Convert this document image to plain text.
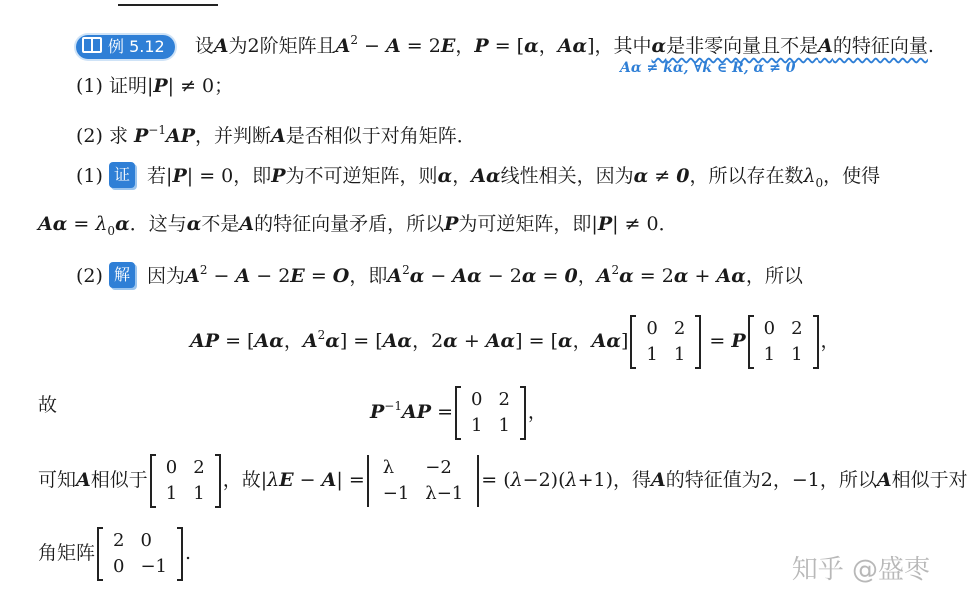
例 5.12 设A为2阶矩阵且$A^2 - A = 2E$，P = [α，Aα]，其中α是非零向量且不是A的特征向量.
Aα ≠ kα, ∀k ∈ R, α ≠ 0
(1) 证明|P| ≠ 0；
(2) 求 $P^{-1}AP$，并判断A是否相似于对角矩阵．
(1) 证  若|P| = 0，即P为不可逆矩阵，则α，Aα线性相关，因为α ≠ 0，所以存在数$\lambda_0$，使得
$A\alpha = \lambda_0\alpha$．这与α不是A的特征向量矛盾，所以P为可逆矩阵，即|P| ≠ 0．
(2) 解  因为$A^2 - A - 2E = O$，即$A^2\alpha - A\alpha - 2\alpha = 0$，$A^2\alpha = 2\alpha + A\alpha$，所以
AP = [Aα，$A^2\alpha] = [A\alpha$，2α + Aα] = [α，Aα]
0	2
1	1
= P
0	2
1	1
，
故	$P^{-1}AP$ =
0	2
1	1
，
可知A相似于
0	2
1	1
，故|λE − A| =
λ	−2
−1	λ−1
= (λ−2)(λ+1)，得A的特征值为2，−1，所以A相似于对
角矩阵
2	0
0	−1
.
知乎 @盛枣
